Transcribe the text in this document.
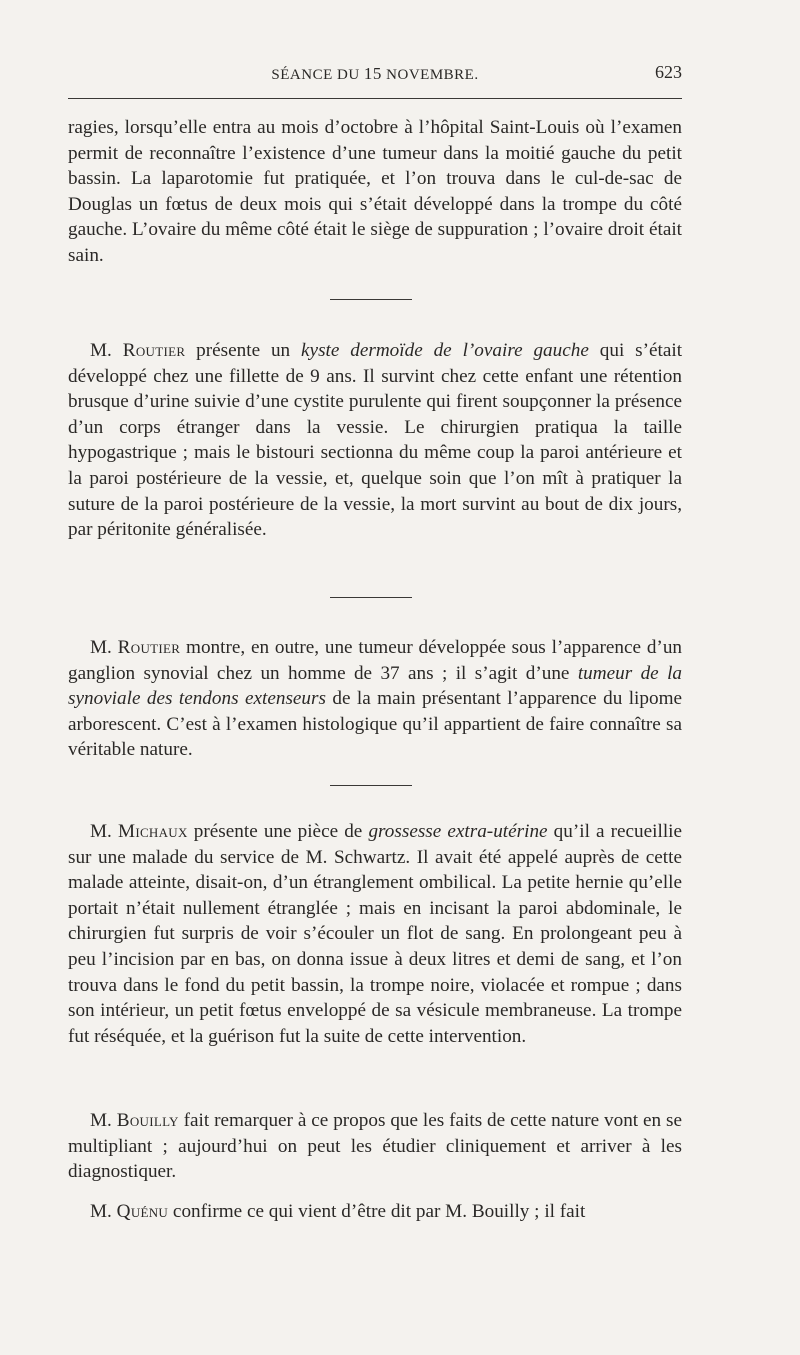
SÉANCE DU 15 NOVEMBRE.	623

ragies, lorsqu’elle entra au mois d’octobre à l’hôpital Saint-Louis où l’examen permit de reconnaître l’existence d’une tumeur dans la moitié gauche du petit bassin. La laparotomie fut pratiquée, et l’on trouva dans le cul-de-sac de Douglas un fœtus de deux mois qui s’était développé dans la trompe du côté gauche. L’ovaire du même côté était le siège de suppuration ; l’ovaire droit était sain.

M. Routier présente un kyste dermoïde de l’ovaire gauche qui s’était développé chez une fillette de 9 ans. Il survint chez cette enfant une rétention brusque d’urine suivie d’une cystite purulente qui firent soupçonner la présence d’un corps étranger dans la vessie. Le chirurgien pratiqua la taille hypogastrique ; mais le bistouri sectionna du même coup la paroi antérieure et la paroi postérieure de la vessie, et, quelque soin que l’on mît à pratiquer la suture de la paroi postérieure de la vessie, la mort survint au bout de dix jours, par péritonite généralisée.

M. Routier montre, en outre, une tumeur développée sous l’apparence d’un ganglion synovial chez un homme de 37 ans ; il s’agit d’une tumeur de la synoviale des tendons extenseurs de la main présentant l’apparence du lipome arborescent. C’est à l’examen histologique qu’il appartient de faire connaître sa véritable nature.

M. Michaux présente une pièce de grossesse extra-utérine qu’il a recueillie sur une malade du service de M. Schwartz. Il avait été appelé auprès de cette malade atteinte, disait-on, d’un étranglement ombilical. La petite hernie qu’elle portait n’était nullement étranglée ; mais en incisant la paroi abdominale, le chirurgien fut surpris de voir s’écouler un flot de sang. En prolongeant peu à peu l’incision par en bas, on donna issue à deux litres et demi de sang, et l’on trouva dans le fond du petit bassin, la trompe noire, violacée et rompue ; dans son intérieur, un petit fœtus enveloppé de sa vésicule membraneuse. La trompe fut réséquée, et la guérison fut la suite de cette intervention.

M. Bouilly fait remarquer à ce propos que les faits de cette nature vont en se multipliant ; aujourd’hui on peut les étudier cliniquement et arriver à les diagnostiquer.

M. Quénu confirme ce qui vient d’être dit par M. Bouilly ; il fait
